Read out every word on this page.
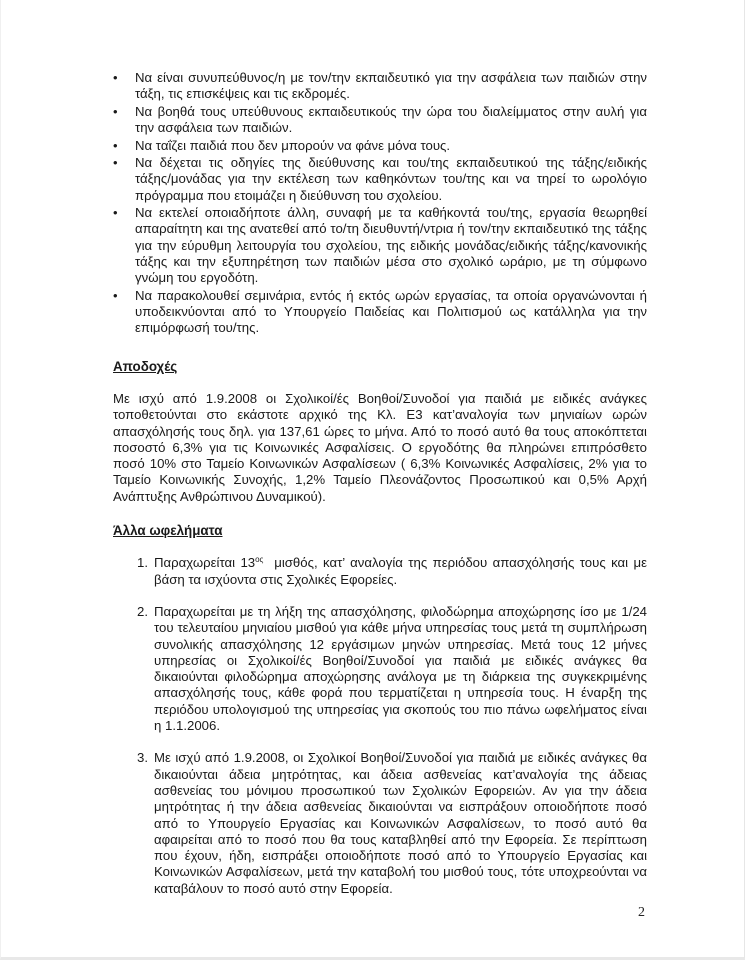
• Να είναι συνυπεύθυνος/η με τον/την εκπαιδευτικό για την ασφάλεια των παιδιών στην τάξη, τις επισκέψεις και τις εκδρομές.
• Να βοηθά τους υπεύθυνους εκπαιδευτικούς την ώρα του διαλείμματος στην αυλή για την ασφάλεια των παιδιών.
• Να ταΐζει παιδιά που δεν μπορούν να φάνε μόνα τους.
• Να δέχεται τις οδηγίες της διεύθυνσης και του/της εκπαιδευτικού της τάξης/ειδικής τάξης/μονάδας για την εκτέλεση των καθηκόντων του/της και να τηρεί το ωρολόγιο πρόγραμμα που ετοιμάζει η διεύθυνση του σχολείου.
• Να εκτελεί οποιαδήποτε άλλη, συναφή με τα καθήκοντά του/της, εργασία θεωρηθεί απαραίτητη και της ανατεθεί από το/τη διευθυντή/ντρια ή τον/την εκπαιδευτικό της τάξης για την εύρυθμη λειτουργία του σχολείου, της ειδικής μονάδας/ειδικής τάξης/κανονικής τάξης και την εξυπηρέτηση των παιδιών μέσα στο σχολικό ωράριο, με τη σύμφωνο γνώμη του εργοδότη.
• Να παρακολουθεί σεμινάρια, εντός ή εκτός ωρών εργασίας, τα οποία οργανώνονται ή υποδεικνύονται από το Υπουργείο Παιδείας και Πολιτισμού ως κατάλληλα για την επιμόρφωσή του/της.

Αποδοχές

Με ισχύ από 1.9.2008 οι Σχολικοί/ές Βοηθοί/Συνοδοί για παιδιά με ειδικές ανάγκες τοποθετούνται στο εκάστοτε αρχικό της Κλ. Ε3 κατ’αναλογία των μηνιαίων ωρών απασχόλησής τους δηλ. για 137,61 ώρες το μήνα. Από το ποσό αυτό θα τους αποκόπτεται ποσοστό 6,3% για τις Κοινωνικές Ασφαλίσεις. Ο εργοδότης θα πληρώνει επιπρόσθετο ποσό 10% στο Ταμείο Κοινωνικών Ασφαλίσεων ( 6,3% Κοινωνικές Ασφαλίσεις, 2% για το Ταμείο Κοινωνικής Συνοχής, 1,2% Ταμείο Πλεονάζοντος Προσωπικού και 0,5% Αρχή Ανάπτυξης Ανθρώπινου Δυναμικού).

Άλλα ωφελήματα

1. Παραχωρείται $13^{o\varsigma}$  μισθός, κατ’ αναλογία της περιόδου απασχόλησής τους και με βάση τα ισχύοντα στις Σχολικές Εφορείες.
2. Παραχωρείται με τη λήξη της απασχόλησης, φιλοδώρημα αποχώρησης ίσο με 1/24 του τελευταίου μηνιαίου μισθού για κάθε μήνα υπηρεσίας τους μετά τη συμπλήρωση συνολικής απασχόλησης 12 εργάσιμων μηνών υπηρεσίας. Μετά τους 12 μήνες υπηρεσίας οι Σχολικοί/ές Βοηθοί/Συνοδοί για παιδιά με ειδικές ανάγκες θα δικαιούνται φιλοδώρημα αποχώρησης ανάλογα με τη διάρκεια της συγκεκριμένης απασχόλησής τους, κάθε φορά που τερματίζεται η υπηρεσία τους. Η έναρξη της περιόδου υπολογισμού της υπηρεσίας για σκοπούς του πιο πάνω ωφελήματος είναι η 1.1.2006.
3. Με ισχύ από 1.9.2008, οι Σχολικοί Βοηθοί/Συνοδοί για παιδιά με ειδικές ανάγκες θα δικαιούνται άδεια μητρότητας, και άδεια ασθενείας κατ’αναλογία της άδειας ασθενείας του μόνιμου προσωπικού των Σχολικών Εφορειών. Αν για την άδεια μητρότητας ή την άδεια ασθενείας δικαιούνται να εισπράξουν οποιοδήποτε ποσό από το Υπουργείο Εργασίας και Κοινωνικών Ασφαλίσεων, το ποσό αυτό θα αφαιρείται από το ποσό που θα τους καταβληθεί από την Εφορεία. Σε περίπτωση που έχουν, ήδη, εισπράξει οποιοδήποτε ποσό από το Υπουργείο Εργασίας και Κοινωνικών Ασφαλίσεων, μετά την καταβολή του μισθού τους, τότε υποχρεούνται να καταβάλουν το ποσό αυτό στην Εφορεία.
2
